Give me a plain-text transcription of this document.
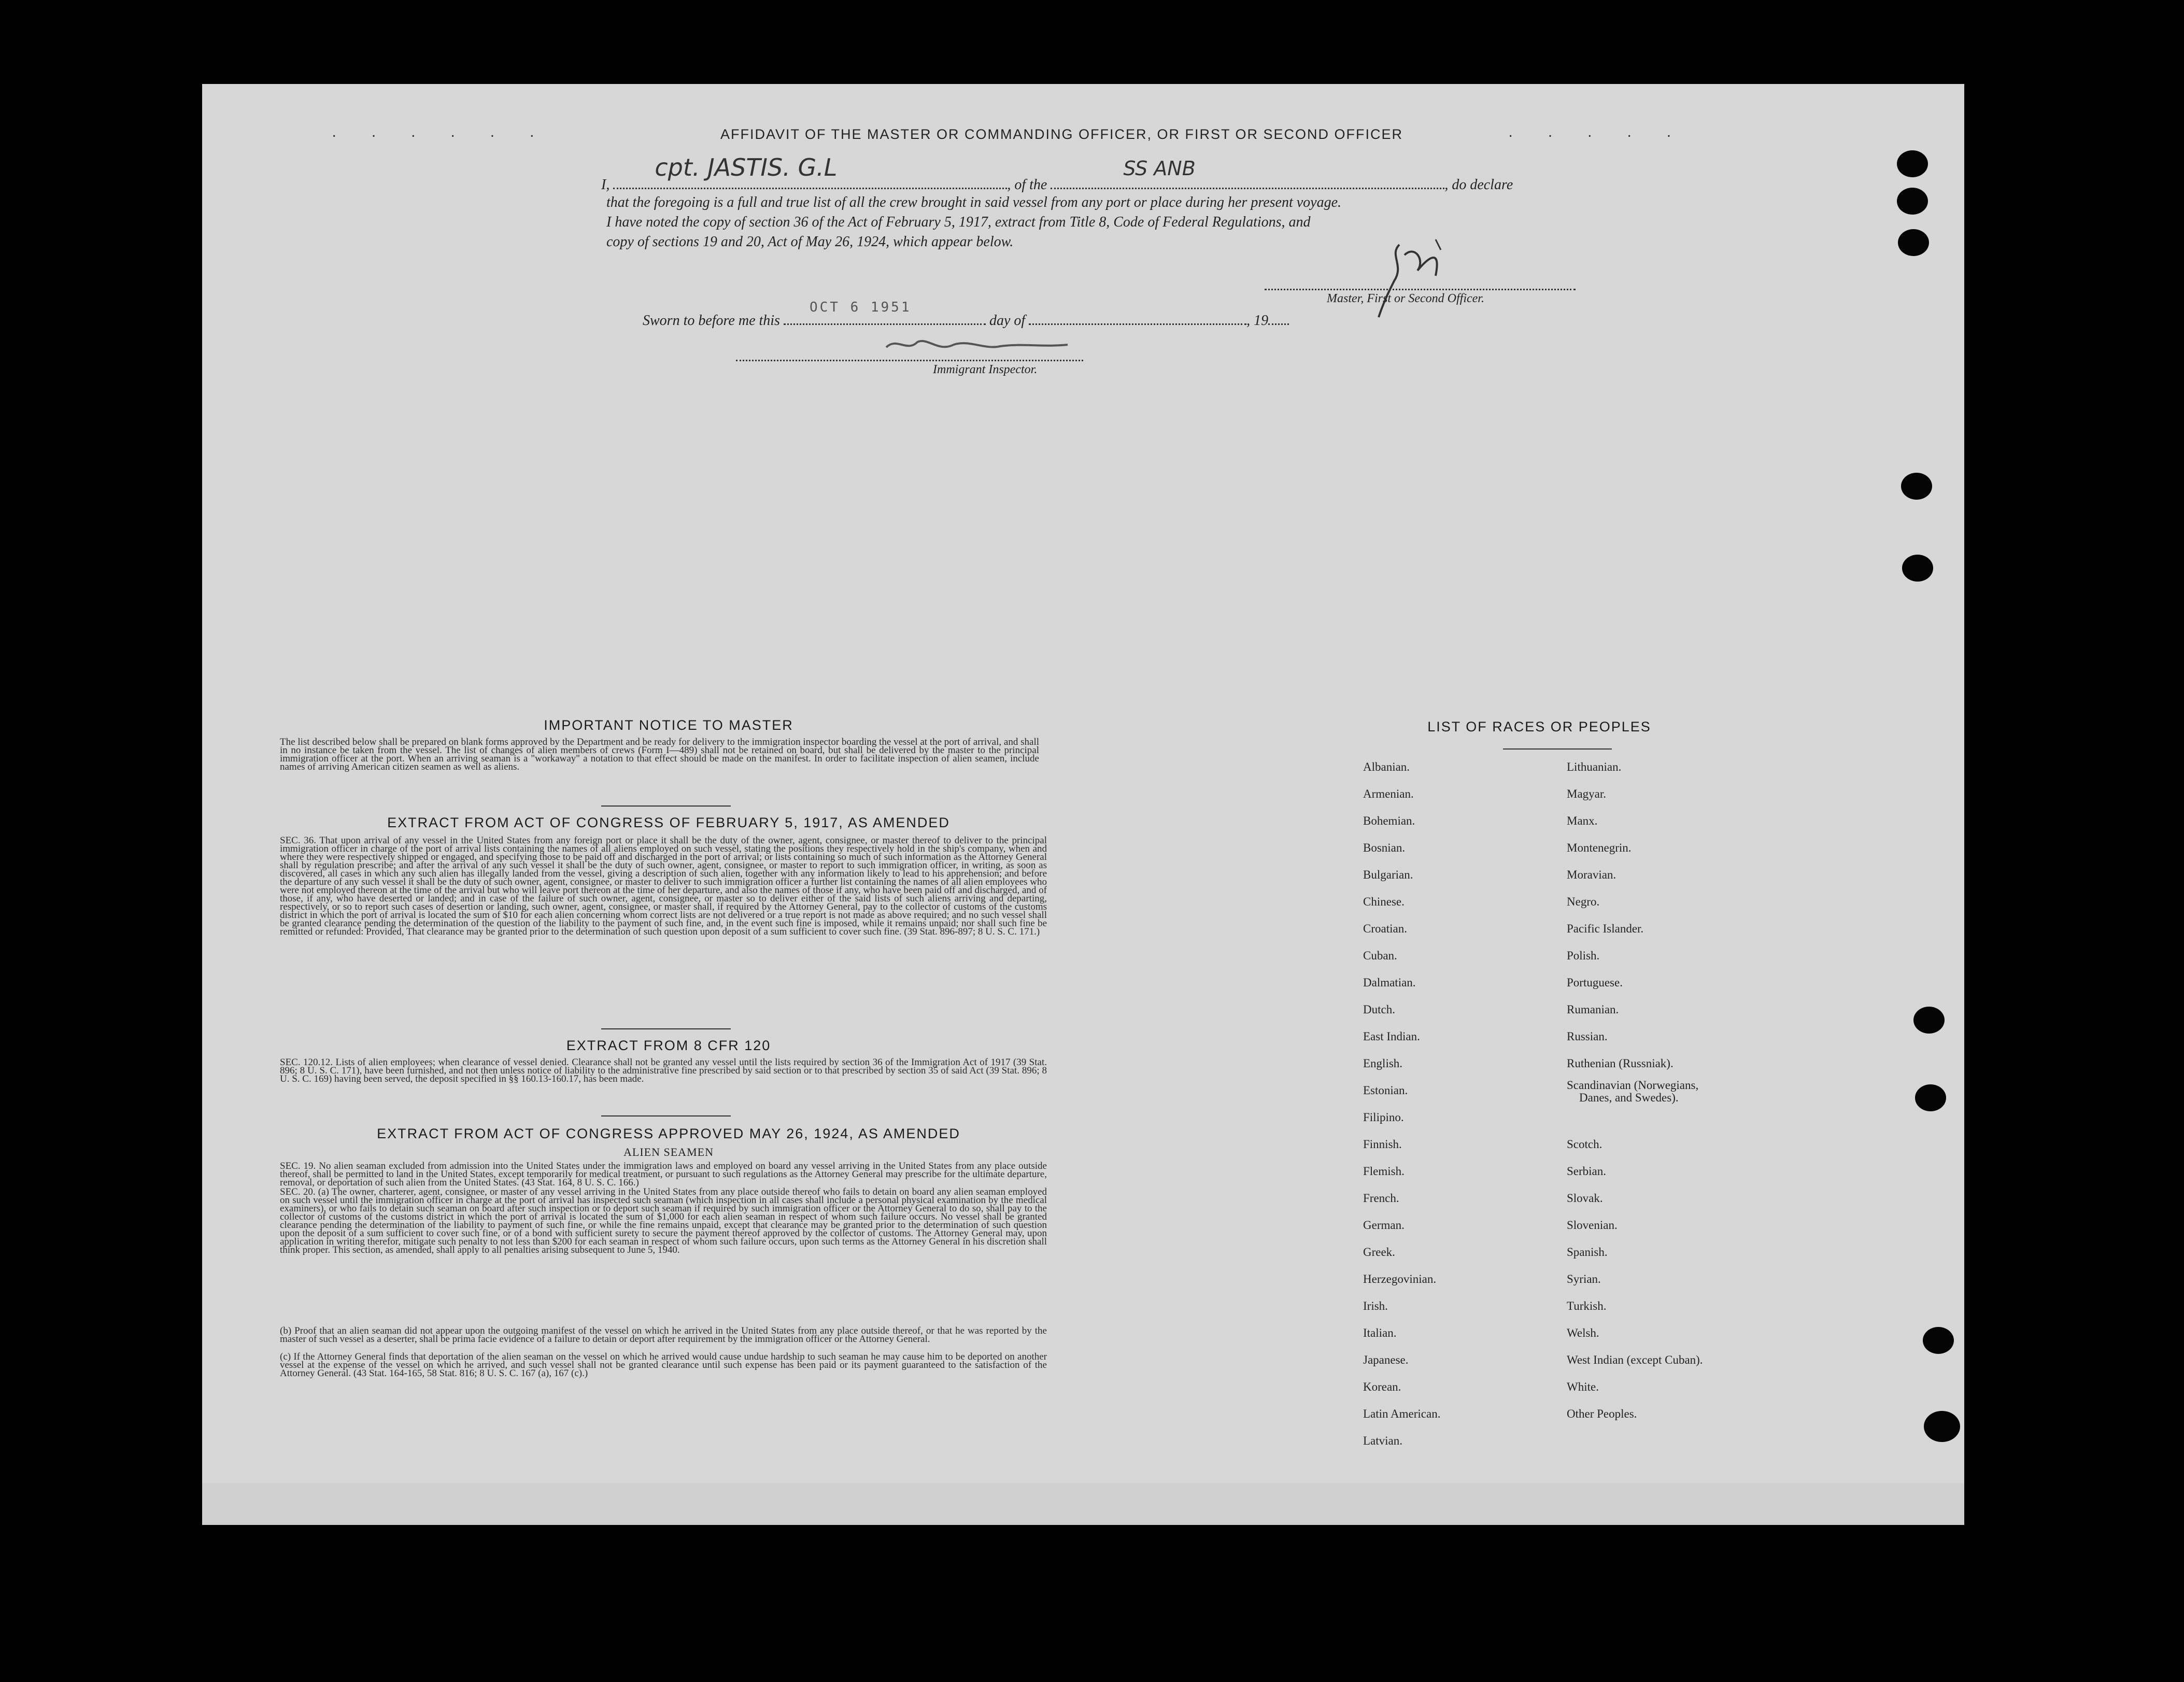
· · · · · ·	· · · · ·
AFFIDAVIT OF THE MASTER OR COMMANDING OFFICER, OR FIRST OR SECOND OFFICER
I,
cpt. JASTIS. G.L
, of the
SS ANB
, do declare
that the foregoing is a full and true list of all the crew brought in said vessel from any port or place during her present voyage.
I have noted the copy of section 36 of the Act of February 5, 1917, extract from Title 8, Code of Federal Regulations, and
copy of sections 19 and 20, Act of May 26, 1924, which appear below.
Master, First or Second Officer.
Sworn to before me this
OCT 6 1951
day of	, 19
Immigrant Inspector.
IMPORTANT NOTICE TO MASTER
The list described below shall be prepared on blank forms approved by the Department and be ready for delivery to the immigration inspector boarding the vessel at the port of arrival, and shall in no instance be taken from the vessel. The list of changes of alien members of crews (Form I—489) shall not be retained on board, but shall be delivered by the master to the principal immigration officer at the port. When an arriving seaman is a "workaway" a notation to that effect should be made on the manifest. In order to facilitate inspection of alien seamen, include names of arriving American citizen seamen as well as aliens.
EXTRACT FROM ACT OF CONGRESS OF FEBRUARY 5, 1917, AS AMENDED
SEC. 36. That upon arrival of any vessel in the United States from any foreign port or place it shall be the duty of the owner, agent, consignee, or master thereof to deliver to the principal immigration officer in charge of the port of arrival lists containing the names of all aliens employed on such vessel, stating the positions they respectively hold in the ship's company, when and where they were respectively shipped or engaged, and specifying those to be paid off and discharged in the port of arrival; or lists containing so much of such information as the Attorney General shall by regulation prescribe; and after the arrival of any such vessel it shall be the duty of such owner, agent, consignee, or master to report to such immigration officer, in writing, as soon as discovered, all cases in which any such alien has illegally landed from the vessel, giving a description of such alien, together with any information likely to lead to his apprehension; and before the departure of any such vessel it shall be the duty of such owner, agent, consignee, or master to deliver to such immigration officer a further list containing the names of all alien employees who were not employed thereon at the time of the arrival but who will leave port thereon at the time of her departure, and also the names of those if any, who have been paid off and discharged, and of those, if any, who have deserted or landed; and in case of the failure of such owner, agent, consignee, or master so to deliver either of the said lists of such aliens arriving and departing, respectively, or so to report such cases of desertion or landing, such owner, agent, consignee, or master shall, if required by the Attorney General, pay to the collector of customs of the customs district in which the port of arrival is located the sum of $10 for each alien concerning whom correct lists are not delivered or a true report is not made as above required; and no such vessel shall be granted clearance pending the determination of the question of the liability to the payment of such fine, and, in the event such fine is imposed, while it remains unpaid; nor shall such fine be remitted or refunded: Provided, That clearance may be granted prior to the determination of such question upon deposit of a sum sufficient to cover such fine. (39 Stat. 896-897; 8 U. S. C. 171.)
EXTRACT FROM 8 CFR 120
SEC. 120.12. Lists of alien employees; when clearance of vessel denied. Clearance shall not be granted any vessel until the lists required by section 36 of the Immigration Act of 1917 (39 Stat. 896; 8 U. S. C. 171), have been furnished, and not then unless notice of liability to the administrative fine prescribed by said section or to that prescribed by section 35 of said Act (39 Stat. 896; 8 U. S. C. 169) having been served, the deposit specified in §§ 160.13-160.17, has been made.
EXTRACT FROM ACT OF CONGRESS APPROVED MAY 26, 1924, AS AMENDED
ALIEN SEAMEN
SEC. 19. No alien seaman excluded from admission into the United States under the immigration laws and employed on board any vessel arriving in the United States from any place outside thereof, shall be permitted to land in the United States, except temporarily for medical treatment, or pursuant to such regulations as the Attorney General may prescribe for the ultimate departure, removal, or deportation of such alien from the United States. (43 Stat. 164, 8 U. S. C. 166.)
SEC. 20. (a) The owner, charterer, agent, consignee, or master of any vessel arriving in the United States from any place outside thereof who fails to detain on board any alien seaman employed on such vessel until the immigration officer in charge at the port of arrival has inspected such seaman (which inspection in all cases shall include a personal physical examination by the medical examiners), or who fails to detain such seaman on board after such inspection or to deport such seaman if required by such immigration officer or the Attorney General to do so, shall pay to the collector of customs of the customs district in which the port of arrival is located the sum of $1,000 for each alien seaman in respect of whom such failure occurs. No vessel shall be granted clearance pending the determination of the liability to payment of such fine, or while the fine remains unpaid, except that clearance may be granted prior to the determination of such question upon the deposit of a sum sufficient to cover such fine, or of a bond with sufficient surety to secure the payment thereof approved by the collector of customs. The Attorney General may, upon application in writing therefor, mitigate such penalty to not less than $200 for each seaman in respect of whom such failure occurs, upon such terms as the Attorney General in his discretion shall think proper. This section, as amended, shall apply to all penalties arising subsequent to June 5, 1940.
(b) Proof that an alien seaman did not appear upon the outgoing manifest of the vessel on which he arrived in the United States from any place outside thereof, or that he was reported by the master of such vessel as a deserter, shall be prima facie evidence of a failure to detain or deport after requirement by the immigration officer or the Attorney General.
(c) If the Attorney General finds that deportation of the alien seaman on the vessel on which he arrived would cause undue hardship to such seaman he may cause him to be deported on another vessel at the expense of the vessel on which he arrived, and such vessel shall not be granted clearance until such expense has been paid or its payment guaranteed to the satisfaction of the Attorney General. (43 Stat. 164-165, 58 Stat. 816; 8 U. S. C. 167 (a), 167 (c).)
LIST OF RACES OR PEOPLES
Albanian.
Armenian.
Bohemian.
Bosnian.
Bulgarian.
Chinese.
Croatian.
Cuban.
Dalmatian.
Dutch.
East Indian.
English.
Estonian.
Filipino.
Finnish.
Flemish.
French.
German.
Greek.
Herzegovinian.
Irish.
Italian.
Japanese.
Korean.
Latin American.
Latvian.
Lithuanian.
Magyar.
Manx.
Montenegrin.
Moravian.
Negro.
Pacific Islander.
Polish.
Portuguese.
Rumanian.
Russian.
Ruthenian (Russniak).
Scandinavian (Norwegians,
Danes, and Swedes).
Scotch.
Serbian.
Slovak.
Slovenian.
Spanish.
Syrian.
Turkish.
Welsh.
West Indian (except Cuban).
White.
Other Peoples.
